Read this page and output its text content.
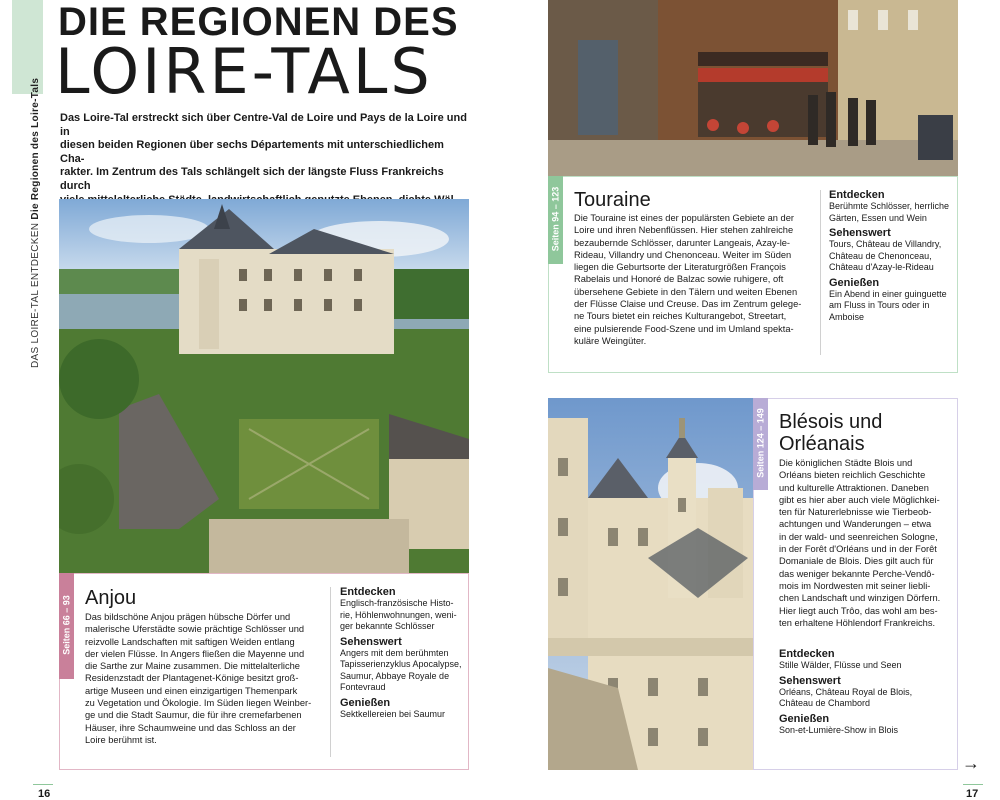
DAS LOIRE-TAL ENTDECKEN Die Regionen des Loire-Tals
DIE REGIONEN DES
LOIRE-TALS
Das Loire-Tal erstreckt sich über Centre-Val de Loire und Pays de la Loire und in
diesen beiden Regionen über sechs Départements mit unterschiedlichem Cha-
rakter. Im Zentrum des Tals schlängelt sich der längste Fluss Frankreichs durch
Seiten 66 – 93 Anjou
Das bildschöne Anjou prägen hübsche Dörfer und
malerische Uferstädte sowie prächtige Schlösser und
reizvolle Landschaften mit saftigen Weiden entlang
der vielen Flüsse. In Angers fließen die Mayenne und
die Sarthe zur Maine zusammen. Die mittelalterliche
Residenzstadt der Plantagenet-Könige besitzt groß-
artige Museen und einen einzigartigen Themenpark
zu Vegetation und Ökologie. Im Süden liegen Weinber-
ge und die Stadt Saumur, die für ihre cremefarbenen
Häuser, ihre Schaumweine und das Schloss an der
Loire berühmt ist.
Entdecken
Englisch-französische Histo-
rie, Höhlenwohnungen, weni-
ger bekannte Schlösser
Sehenswert
Angers mit dem berühmten
Tapisserienzyklus Apocalypse,
Saumur, Abbaye Royale de
Fontevraud
Genießen
Sektkellereien bei Saumur
16
Seiten 94 – 123 Touraine
Die Touraine ist eines der populärsten Gebiete an der
Loire und ihren Nebenflüssen. Hier stehen zahlreiche
bezaubernde Schlösser, darunter Langeais, Azay-le-
Rideau, Villandry und Chenonceau. Weiter im Süden
liegen die Geburtsorte der Literaturgrößen François
Rabelais und Honoré de Balzac sowie ruhigere, oft
übersehene Gebiete in den Tälern und weiten Ebenen
der Flüsse Claise und Creuse. Das im Zentrum gelege-
ne Tours bietet ein reiches Kulturangebot, Streetart,
eine pulsierende Food-Szene und im Umland spekta-
kuläre Weingüter.
Entdecken
Berühmte Schlösser, herrliche
Gärten, Essen und Wein
Sehenswert
Tours, Château de Villandry,
Château de Chenonceau,
Château d'Azay-le-Rideau
Genießen
Ein Abend in einer guinguette
am Fluss in Tours oder in
Amboise
Seiten 124 – 149 Blésois und
Orléanais
Die königlichen Städte Blois und
Orléans bieten reichlich Geschichte
und kulturelle Attraktionen. Daneben
gibt es hier aber auch viele Möglichkei-
ten für Naturerlebnisse wie Tierbeob-
achtungen und Wanderungen – etwa
in der wald- und seenreichen Sologne,
in der Forêt d'Orléans und in der Forêt
Domaniale de Blois. Dies gilt auch für
das weniger bekannte Perche-Vendô-
mois im Nordwesten mit seiner liebli-
chen Landschaft und winzigen Dörfern.
Hier liegt auch Trôo, das wohl am bes-
ten erhaltene Höhlendorf Frankreichs.
Entdecken
Stille Wälder, Flüsse und Seen
Sehenswert
Orléans, Château Royal de Blois,
Château de Chambord
Genießen
Son-et-Lumière-Show in Blois
→
17
